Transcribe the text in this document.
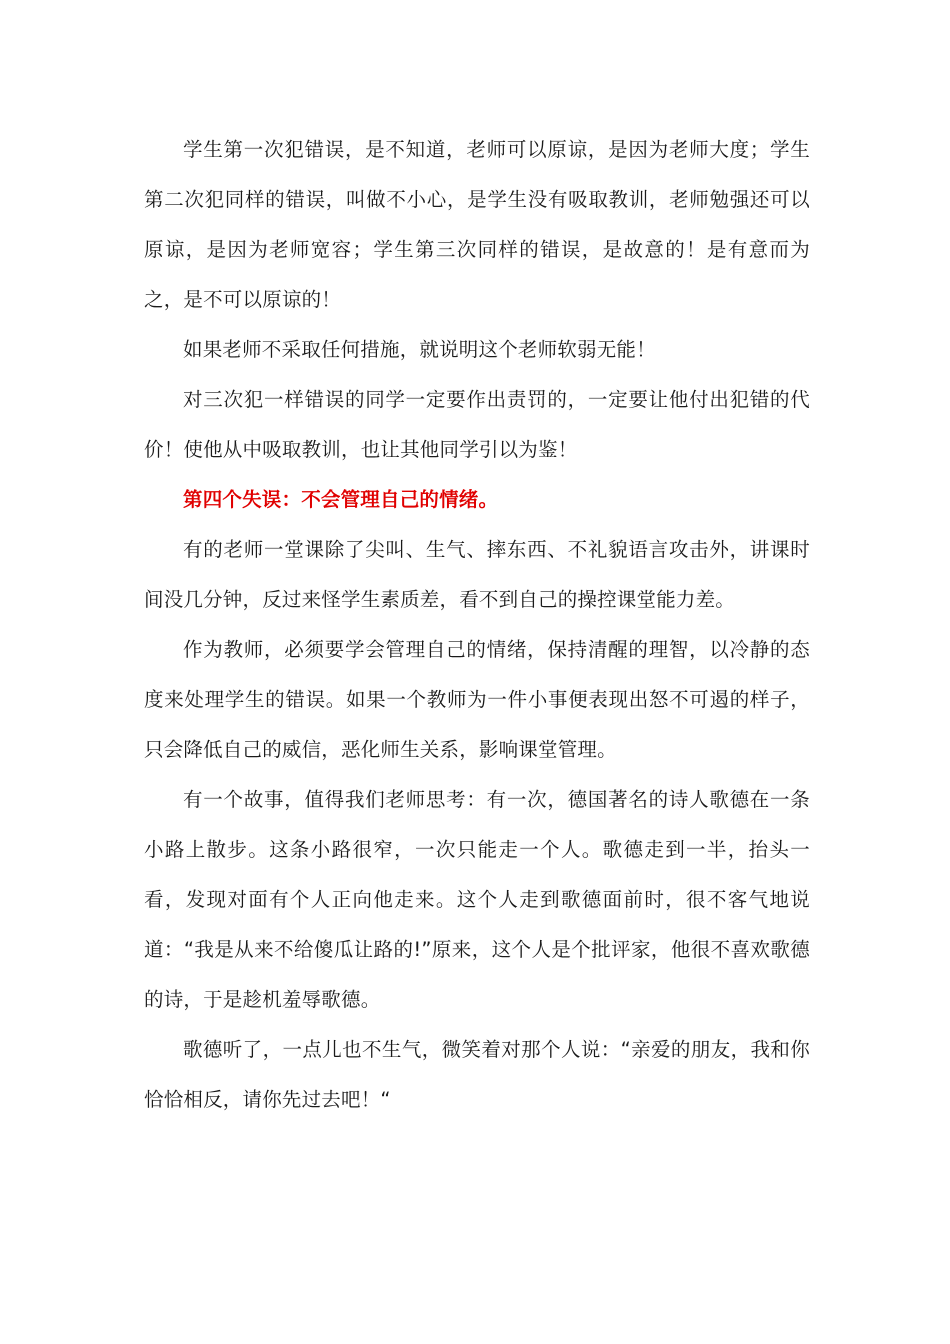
学生第一次犯错误，是不知道，老师可以原谅，是因为老师大度；学生第二次犯同样的错误，叫做不小心，是学生没有吸取教训，老师勉强还可以原谅，是因为老师宽容；学生第三次同样的错误，是故意的！是有意而为之，是不可以原谅的！

如果老师不采取任何措施，就说明这个老师软弱无能！

对三次犯一样错误的同学一定要作出责罚的，一定要让他付出犯错的代价！使他从中吸取教训，也让其他同学引以为鉴！

第四个失误：不会管理自己的情绪。

有的老师一堂课除了尖叫、生气、摔东西、不礼貌语言攻击外，讲课时间没几分钟，反过来怪学生素质差，看不到自己的操控课堂能力差。

作为教师，必须要学会管理自己的情绪，保持清醒的理智，以冷静的态度来处理学生的错误。如果一个教师为一件小事便表现出怒不可遏的样子，只会降低自己的威信，恶化师生关系，影响课堂管理。

有一个故事，值得我们老师思考：有一次，德国著名的诗人歌德在一条小路上散步。这条小路很窄，一次只能走一个人。歌德走到一半，抬头一看，发现对面有个人正向他走来。这个人走到歌德面前时，很不客气地说道：“我是从来不给傻瓜让路的!”原来，这个人是个批评家，他很不喜欢歌德的诗，于是趁机羞辱歌德。

歌德听了，一点儿也不生气，微笑着对那个人说：“亲爱的朋友，我和你恰恰相反，请你先过去吧！“
